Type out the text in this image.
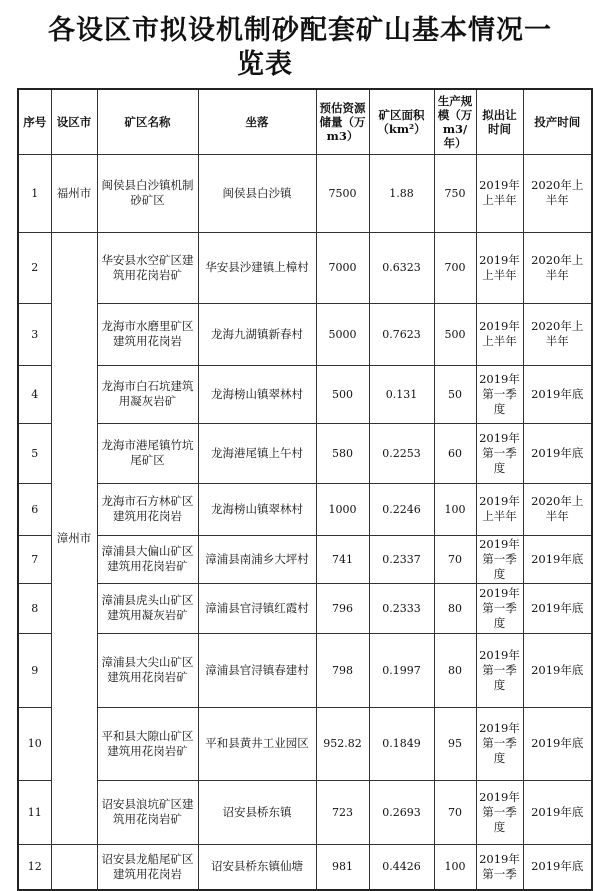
各设区市拟设机制砂配套矿山基本情况一
览表
序号	设区市	矿区名称	坐落	预估资源储量（万m3）	矿区面积（km²）	生产规模（万m3/年）	拟出让时间	投产时间
1	福州市	闽侯县白沙镇机制砂矿区	闽侯县白沙镇	7500	1.88	750	2019年上半年	2020年上半年
2	漳州市	华安县水空矿区建筑用花岗岩矿	华安县沙建镇上樟村	7000	0.6323	700	2019年上半年	2020年上半年
3		龙海市水磨里矿区建筑用花岗岩	龙海九湖镇新春村	5000	0.7623	500	2019年上半年	2020年上半年
4		龙海市白石坑建筑用凝灰岩矿	龙海榜山镇翠林村	500	0.131	50	2019年第一季度	2019年底
5		龙海市港尾镇竹坑尾矿区	龙海港尾镇上午村	580	0.2253	60	2019年第一季度	2019年底
6		龙海市石方林矿区建筑用花岗岩	龙海榜山镇翠林村	1000	0.2246	100	2019年上半年	2020年上半年
7		漳浦县大偏山矿区建筑用花岗岩矿	漳浦县南浦乡大坪村	741	0.2337	70	2019年第一季度	2019年底
8		漳浦县虎头山矿区建筑用凝灰岩矿	漳浦县官浔镇红霞村	796	0.2333	80	2019年第一季度	2019年底
9		漳浦县大尖山矿区建筑用花岗岩矿	漳浦县官浔镇春建村	798	0.1997	80	2019年第一季度	2019年底
10		平和县大隙山矿区建筑用花岗岩矿	平和县黄井工业园区	952.82	0.1849	95	2019年第一季度	2019年底
11		诏安县浪坑矿区建筑用花岗岩矿	诏安县桥东镇	723	0.2693	70	2019年第一季度	2019年底
12		诏安县龙船尾矿区建筑用花岗岩	诏安县桥东镇仙塘	981	0.4426	100	2019年第一季	2019年底
